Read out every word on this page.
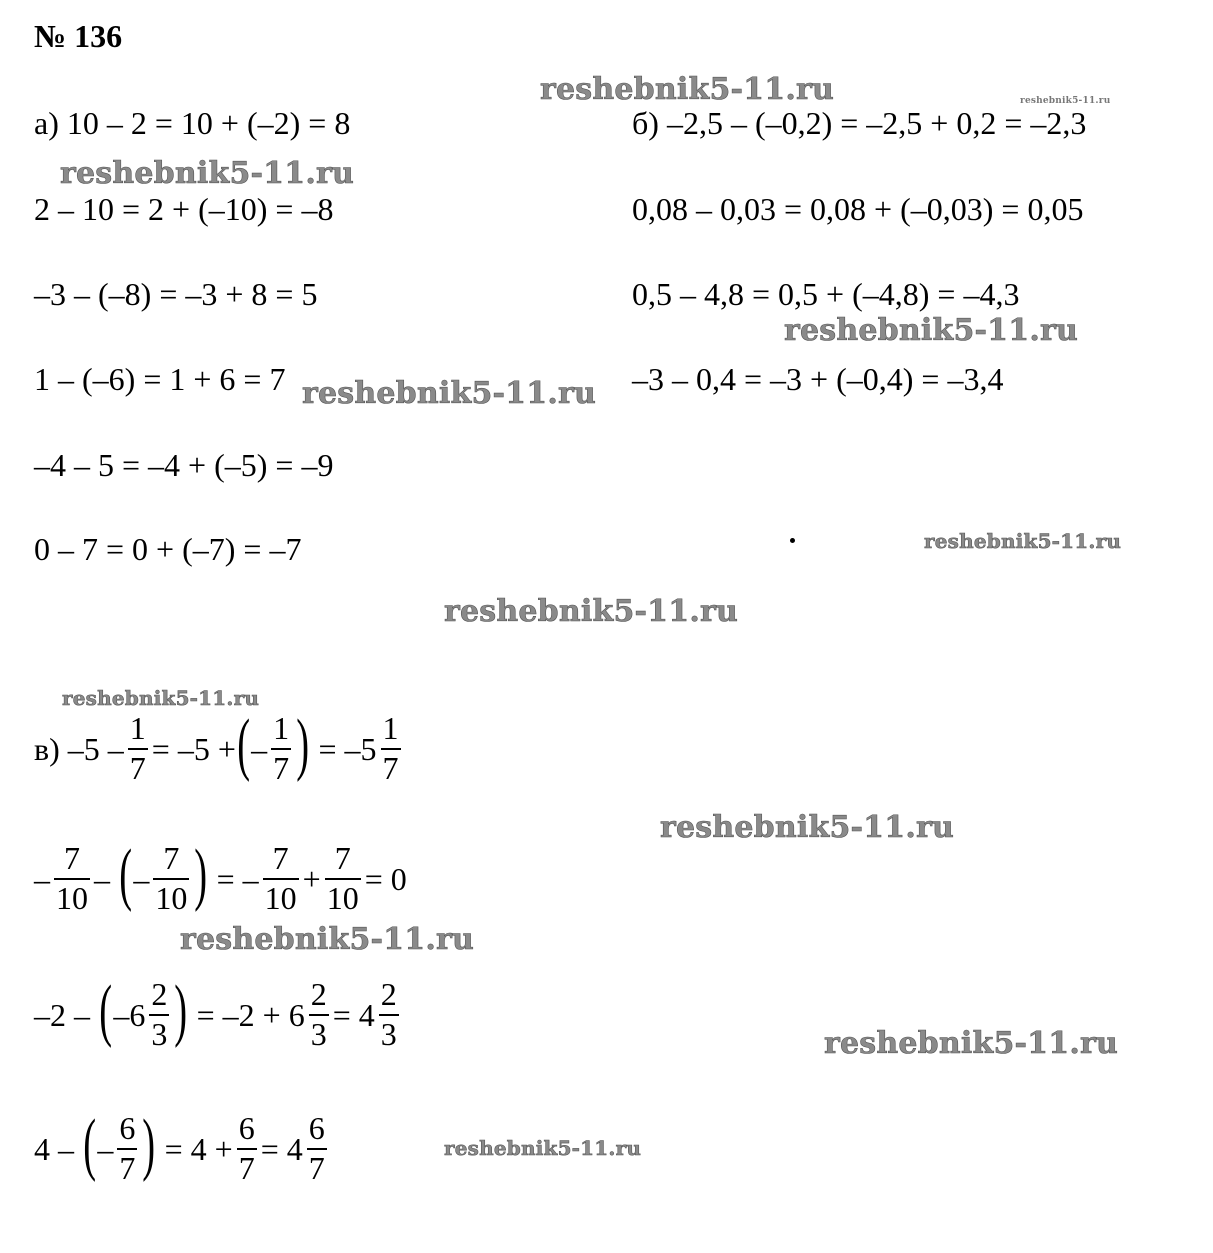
№ 136
а) 10 – 2 = 10 + (–2) = 8
2 – 10 = 2 + (–10) = –8
–3 – (–8) = –3 + 8 = 5
1 – (–6) = 1 + 6 = 7
–4 – 5 = –4 + (–5) = –9
0 – 7 = 0 + (–7) = –7
б) –2,5 – (–0,2) = –2,5 + 0,2 = –2,3
0,08 – 0,03 = 0,08 + (–0,03) = 0,05
0,5 – 4,8 = 0,5 + (–4,8) = –4,3
–3 – 0,4 = –3 + (–0,4) = –3,4
в) $-5 - \frac{1}{7} = -5$ + ( – $\frac{1}{7}$ ) = $-5 \frac{1}{7}$
– $\frac{7}{10}$ – ( – $\frac{7}{10}$ ) = – $\frac{7}{10} + \frac{7}{10} = 0$
–2 – ( $-6 \frac{2}{3}$ ) = $-2 + 6 \frac{2}{3} = 4 \frac{2}{3}$
4 – ( – $\frac{6}{7}$ ) = $4 + \frac{6}{7} = 4 \frac{6}{7}$
reshebnik5-11.ru	reshebnik5-11.ru
reshebnik5-11.ru
reshebnik5-11.ru
reshebnik5-11.ru
reshebnik5-11.ru
reshebnik5-11.ru
reshebnik5-11.ru
reshebnik5-11.ru
reshebnik5-11.ru
reshebnik5-11.ru
reshebnik5-11.ru
